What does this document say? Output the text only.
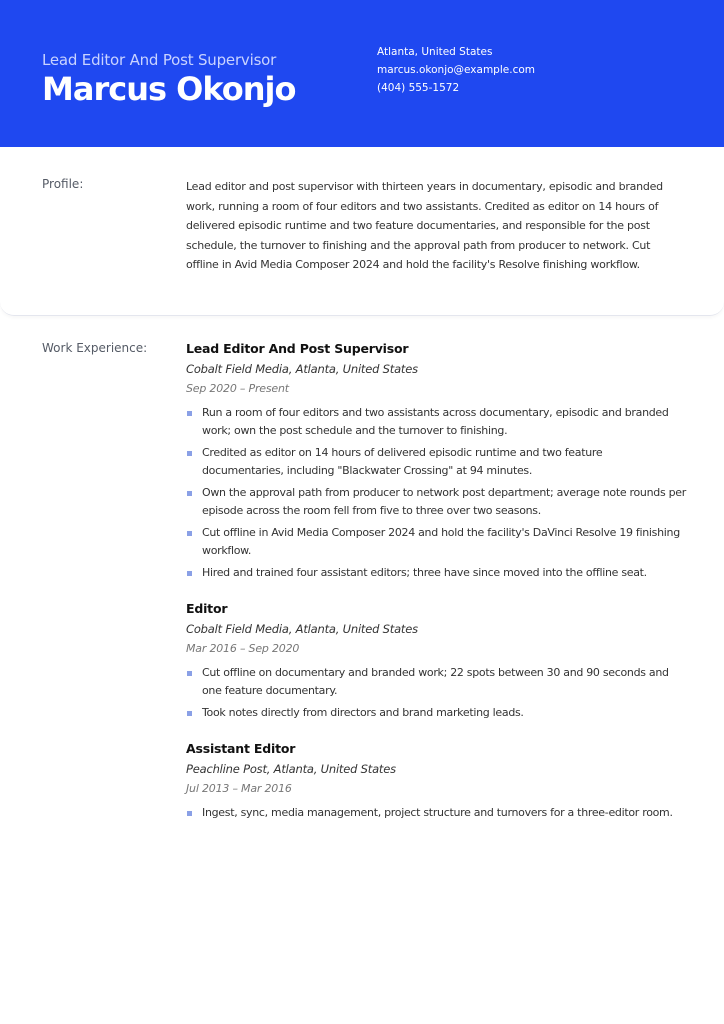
Lead Editor And Post Supervisor
Marcus Okonjo
Atlanta, United States
marcus.okonjo@example.com
(404) 555-1572
Profile:	Lead editor and post supervisor with thirteen years in documentary, episodic and branded work, running a room of four editors and two assistants. Credited as editor on 14 hours of delivered episodic runtime and two feature documentaries, and responsible for the post schedule, the turnover to finishing and the approval path from producer to network. Cut offline in Avid Media Composer 2024 and hold the facility's Resolve finishing workflow.
Work Experience:	Lead Editor And Post Supervisor
Cobalt Field Media, Atlanta, United States
Sep 2020 – Present
Run a room of four editors and two assistants across documentary, episodic and branded work; own the post schedule and the turnover to finishing.
Credited as editor on 14 hours of delivered episodic runtime and two feature documentaries, including "Blackwater Crossing" at 94 minutes.
Own the approval path from producer to network post department; average note rounds per episode across the room fell from five to three over two seasons.
Cut offline in Avid Media Composer 2024 and hold the facility's DaVinci Resolve 19 finishing workflow.
Hired and trained four assistant editors; three have since moved into the offline seat.
Editor
Cobalt Field Media, Atlanta, United States
Mar 2016 – Sep 2020
Cut offline on documentary and branded work; 22 spots between 30 and 90 seconds and one feature documentary.
Took notes directly from directors and brand marketing leads.
Assistant Editor
Peachline Post, Atlanta, United States
Jul 2013 – Mar 2016
Ingest, sync, media management, project structure and turnovers for a three-editor room.
